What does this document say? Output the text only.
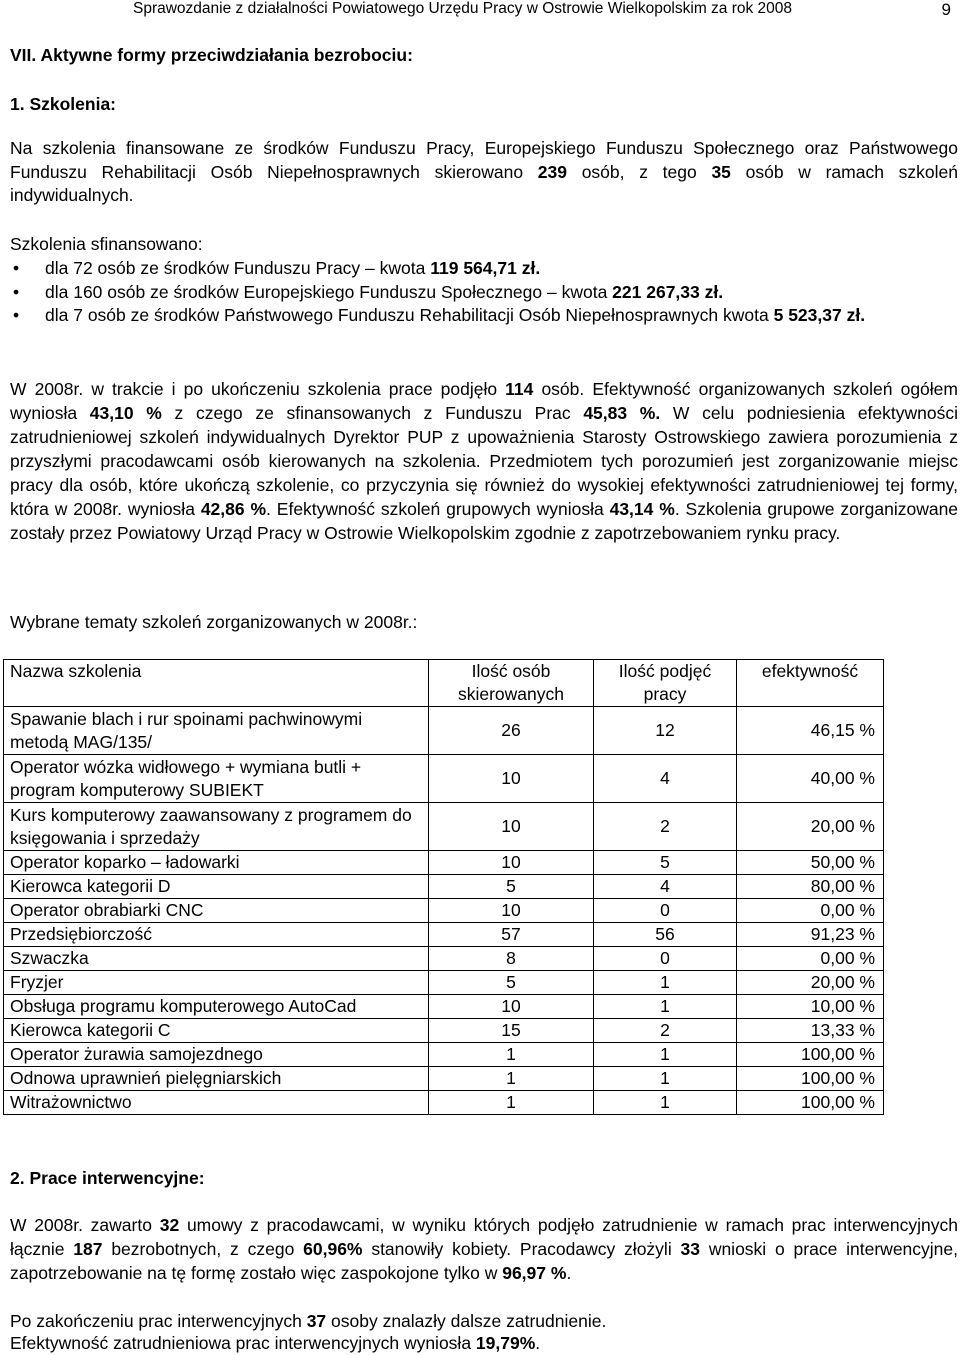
Sprawozdanie z działalności Powiatowego Urzędu Pracy w Ostrowie Wielkopolskim za rok 2008	9
VII. Aktywne formy przeciwdziałania bezrobociu:
1. Szkolenia:
Na szkolenia finansowane ze środków Funduszu Pracy, Europejskiego Funduszu Społecznego oraz Państwowego Funduszu Rehabilitacji Osób Niepełnosprawnych skierowano 239 osób, z tego 35 osób w ramach szkoleń indywidualnych.
Szkolenia sfinansowano:
• dla 72 osób ze środków Funduszu Pracy – kwota 119 564,71 zł.
• dla 160 osób ze środków Europejskiego Funduszu Społecznego – kwota 221 267,33 zł.
• dla 7 osób ze środków Państwowego Funduszu Rehabilitacji Osób Niepełnosprawnych kwota 5 523,37 zł.
W 2008r. w trakcie i po ukończeniu szkolenia prace podjęło 114 osób. Efektywność organizowanych szkoleń ogółem wyniosła 43,10 % z czego ze sfinansowanych z Funduszu Prac 45,83 %. W celu podniesienia efektywności zatrudnieniowej szkoleń indywidualnych Dyrektor PUP z upoważnienia Starosty Ostrowskiego zawiera porozumienia z przyszłymi pracodawcami osób kierowanych na szkolenia. Przedmiotem tych porozumień jest zorganizowanie miejsc pracy dla osób, które ukończą szkolenie, co przyczynia się również do wysokiej efektywności zatrudnieniowej tej formy, która w 2008r. wyniosła 42,86 %. Efektywność szkoleń grupowych wyniosła 43,14 %. Szkolenia grupowe zorganizowane zostały przez Powiatowy Urząd Pracy w Ostrowie Wielkopolskim zgodnie z zapotrzebowaniem rynku pracy.
Wybrane tematy szkoleń zorganizowanych w 2008r.:
Nazwa szkolenia	Ilość osób skierowanych	Ilość podjęć pracy	efektywność
Spawanie blach i rur spoinami pachwinowymi metodą MAG/135/	26	12	46,15 %
Operator wózka widłowego + wymiana butli + program komputerowy SUBIEKT	10	4	40,00 %
Kurs komputerowy zaawansowany z programem do księgowania i sprzedaży	10	2	20,00 %
Operator koparko – ładowarki	10	5	50,00 %
Kierowca kategorii D	5	4	80,00 %
Operator obrabiarki CNC	10	0	0,00 %
Przedsiębiorczość	57	56	91,23 %
Szwaczka	8	0	0,00 %
Fryzjer	5	1	20,00 %
Obsługa programu komputerowego AutoCad	10	1	10,00 %
Kierowca kategorii C	15	2	13,33 %
Operator żurawia samojezdnego	1	1	100,00 %
Odnowa uprawnień pielęgniarskich	1	1	100,00 %
Witrażownictwo	1	1	100,00 %
2. Prace interwencyjne:
W 2008r. zawarto 32 umowy z pracodawcami, w wyniku których podjęło zatrudnienie w ramach prac interwencyjnych łącznie 187 bezrobotnych, z czego 60,96% stanowiły kobiety. Pracodawcy złożyli 33 wnioski o prace interwencyjne, zapotrzebowanie na tę formę zostało więc zaspokojone tylko w 96,97 %.
Po zakończeniu prac interwencyjnych 37 osoby znalazły dalsze zatrudnienie.
Efektywność zatrudnieniowa prac interwencyjnych wyniosła 19,79%.
